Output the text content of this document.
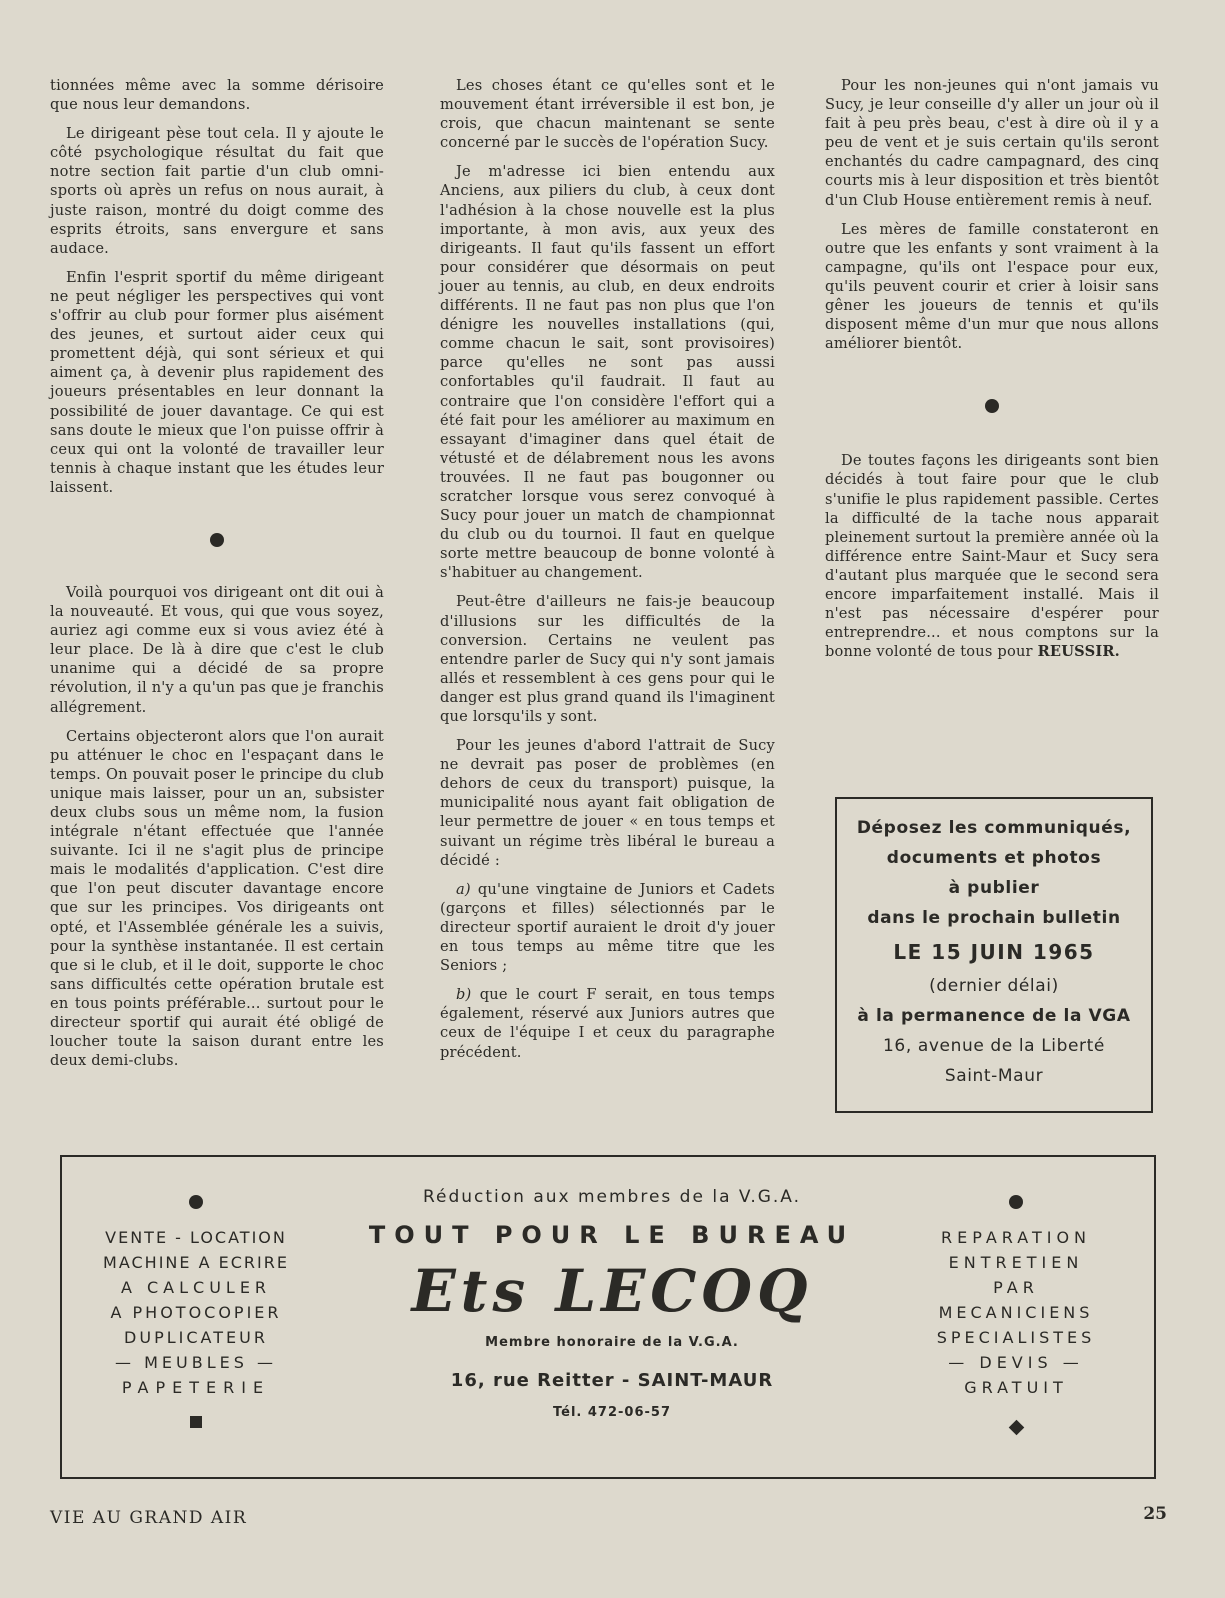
tionnées même avec la somme dérisoire que nous leur demandons.

Le dirigeant pèse tout cela. Il y ajoute le côté psychologique résultat du fait que notre section fait partie d'un club omni-sports où après un refus on nous aurait, à juste raison, montré du doigt comme des esprits étroits, sans envergure et sans audace.

Enfin l'esprit sportif du même dirigeant ne peut négliger les perspectives qui vont s'offrir au club pour former plus aisément des jeunes, et surtout aider ceux qui promettent déjà, qui sont sérieux et qui aiment ça, à devenir plus rapidement des joueurs présentables en leur donnant la possibilité de jouer davantage. Ce qui est sans doute le mieux que l'on puisse offrir à ceux qui ont la volonté de travailler leur tennis à chaque instant que les études leur laissent.

Voilà pourquoi vos dirigeant ont dit oui à la nouveauté. Et vous, qui que vous soyez, auriez agi comme eux si vous aviez été à leur place. De là à dire que c'est le club unanime qui a décidé de sa propre révolution, il n'y a qu'un pas que je franchis allégrement.

Certains objecteront alors que l'on aurait pu atténuer le choc en l'espaçant dans le temps. On pouvait poser le principe du club unique mais laisser, pour un an, subsister deux clubs sous un même nom, la fusion intégrale n'étant effectuée que l'année suivante. Ici il ne s'agit plus de principe mais le modalités d'application. C'est dire que l'on peut discuter davantage encore que sur les principes. Vos dirigeants ont opté, et l'Assemblée générale les a suivis, pour la synthèse instantanée. Il est certain que si le club, et il le doit, supporte le choc sans difficultés cette opération brutale est en tous points préférable... surtout pour le directeur sportif qui aurait été obligé de loucher toute la saison durant entre les deux demi-clubs.

Les choses étant ce qu'elles sont et le mouvement étant irréversible il est bon, je crois, que chacun maintenant se sente concerné par le succès de l'opération Sucy.

Je m'adresse ici bien entendu aux Anciens, aux piliers du club, à ceux dont l'adhésion à la chose nouvelle est la plus importante, à mon avis, aux yeux des dirigeants. Il faut qu'ils fassent un effort pour considérer que désormais on peut jouer au tennis, au club, en deux endroits différents. Il ne faut pas non plus que l'on dénigre les nouvelles installations (qui, comme chacun le sait, sont provisoires) parce qu'elles ne sont pas aussi confortables qu'il faudrait. Il faut au contraire que l'on considère l'effort qui a été fait pour les améliorer au maximum en essayant d'imaginer dans quel était de vétusté et de délabrement nous les avons trouvées. Il ne faut pas bougonner ou scratcher lorsque vous serez convoqué à Sucy pour jouer un match de championnat du club ou du tournoi. Il faut en quelque sorte mettre beaucoup de bonne volonté à s'habituer au changement.

Peut-être d'ailleurs ne fais-je beaucoup d'illusions sur les difficultés de la conversion. Certains ne veulent pas entendre parler de Sucy qui n'y sont jamais allés et ressemblent à ces gens pour qui le danger est plus grand quand ils l'imaginent que lorsqu'ils y sont.

Pour les jeunes d'abord l'attrait de Sucy ne devrait pas poser de problèmes (en dehors de ceux du transport) puisque, la municipalité nous ayant fait obligation de leur permettre de jouer « en tous temps et suivant un régime très libéral le bureau a décidé :

a) qu'une vingtaine de Juniors et Cadets (garçons et filles) sélectionnés par le directeur sportif auraient le droit d'y jouer en tous temps au même titre que les Seniors ;

b) que le court F serait, en tous temps également, réservé aux Juniors autres que ceux de l'équipe I et ceux du paragraphe précédent.

Pour les non-jeunes qui n'ont jamais vu Sucy, je leur conseille d'y aller un jour où il fait à peu près beau, c'est à dire où il y a peu de vent et je suis certain qu'ils seront enchantés du cadre campagnard, des cinq courts mis à leur disposition et très bientôt d'un Club House entièrement remis à neuf.

Les mères de famille constateront en outre que les enfants y sont vraiment à la campagne, qu'ils ont l'espace pour eux, qu'ils peuvent courir et crier à loisir sans gêner les joueurs de tennis et qu'ils disposent même d'un mur que nous allons améliorer bientôt.

De toutes façons les dirigeants sont bien décidés à tout faire pour que le club s'unifie le plus rapidement passible. Certes la difficulté de la tache nous apparait pleinement surtout la première année où la différence entre Saint-Maur et Sucy sera d'autant plus marquée que le second sera encore imparfaitement installé. Mais il n'est pas nécessaire d'espérer pour entreprendre... et nous comptons sur la bonne volonté de tous pour REUSSIR.

Déposez les communiqués,
documents et photos
à publier
dans le prochain bulletin
LE 15 JUIN 1965
(dernier délai)
à la permanence de la VGA
16, avenue de la Liberté
Saint-Maur
VENTE - LOCATION
MACHINE A ECRIRE
A CALCULER
A PHOTOCOPIER
DUPLICATEUR
— MEUBLES —
PAPETERIE
Réduction aux membres de la V.G.A.
TOUT POUR LE BUREAU
Ets LECOQ
Membre honoraire de la V.G.A.
16, rue Reitter - SAINT-MAUR
Tél. 472-06-57
REPARATION
ENTRETIEN
PAR
MECANICIENS
SPECIALISTES
— DEVIS —
GRATUIT
VIE AU GRAND AIR	25
